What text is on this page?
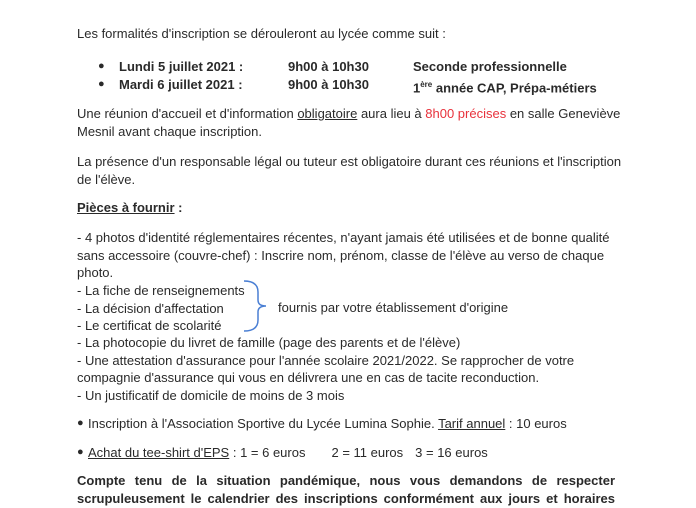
Les formalités d'inscription se dérouleront au lycée comme suit :
● Lundi 5 juillet 2021 :	9h00 à 10h30	Seconde professionnelle
● Mardi 6 juillet 2021 :	9h00 à 10h30	1ère année CAP, Prépa-métiers
Une réunion d'accueil et d'information obligatoire aura lieu à 8h00 précises en salle Geneviève
Mesnil avant chaque inscription.
La présence d'un responsable légal ou tuteur est obligatoire durant ces réunions et l'inscription
de l'élève.
Pièces à fournir :
- 4 photos d'identité réglementaires récentes, n'ayant jamais été utilisées et de bonne qualité
sans accessoire (couvre-chef) : Inscrire nom, prénom, classe de l'élève au verso de chaque
photo.
- La fiche de renseignements
- La décision d'affectation
- Le certificat de scolarité
- La photocopie du livret de famille (page des parents et de l'élève)
- Une attestation d'assurance pour l'année scolaire 2021/2022. Se rapprocher de votre
compagnie d'assurance qui vous en délivrera une en cas de tacite reconduction.
- Un justificatif de domicile de moins de 3 mois
fournis par votre établissement d'origine
● Inscription à l'Association Sportive du Lycée Lumina Sophie. Tarif annuel : 10 euros
● Achat du tee-shirt d'EPS : 1 = 6 euros 2 = 11 euros 3 = 16 euros
Compte tenu de la situation pandémique, nous vous demandons de respecter
scrupuleusement le calendrier des inscriptions conformément aux jours et horaires
